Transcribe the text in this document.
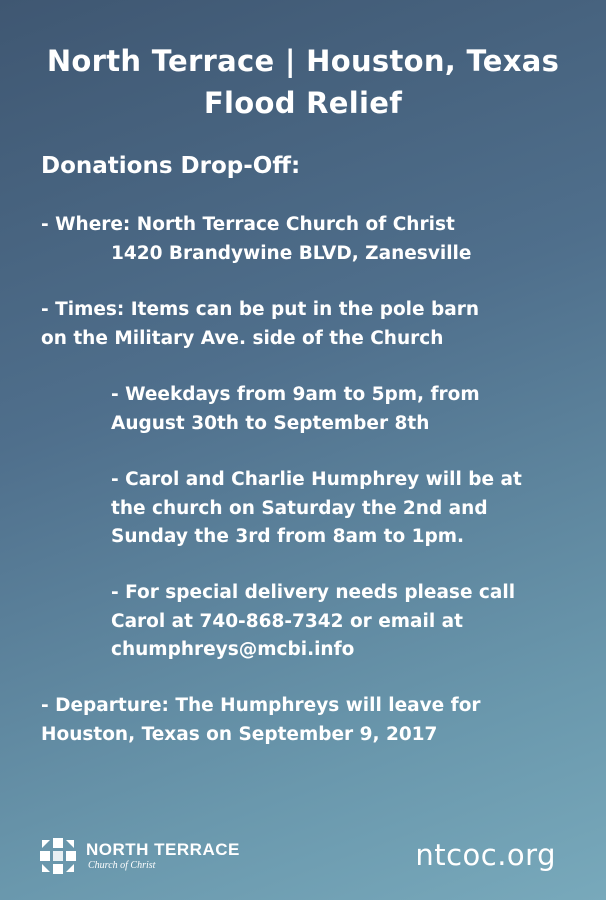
North Terrace | Houston, Texas
Flood Relief
Donations Drop-Off:
- Where: North Terrace Church of Christ
1420 Brandywine BLVD, Zanesville
- Times: Items can be put in the pole barn
on the Military Ave. side of the Church
- Weekdays from 9am to 5pm, from
August 30th to September 8th
- Carol and Charlie Humphrey will be at
the church on Saturday the 2nd and
Sunday the 3rd from 8am to 1pm.
- For special delivery needs please call
Carol at 740-868-7342 or email at
chumphreys@mcbi.info
- Departure: The Humphreys will leave for
Houston, Texas on September 9, 2017
NORTH TERRACE
Church of Christ	ntcoc.org
